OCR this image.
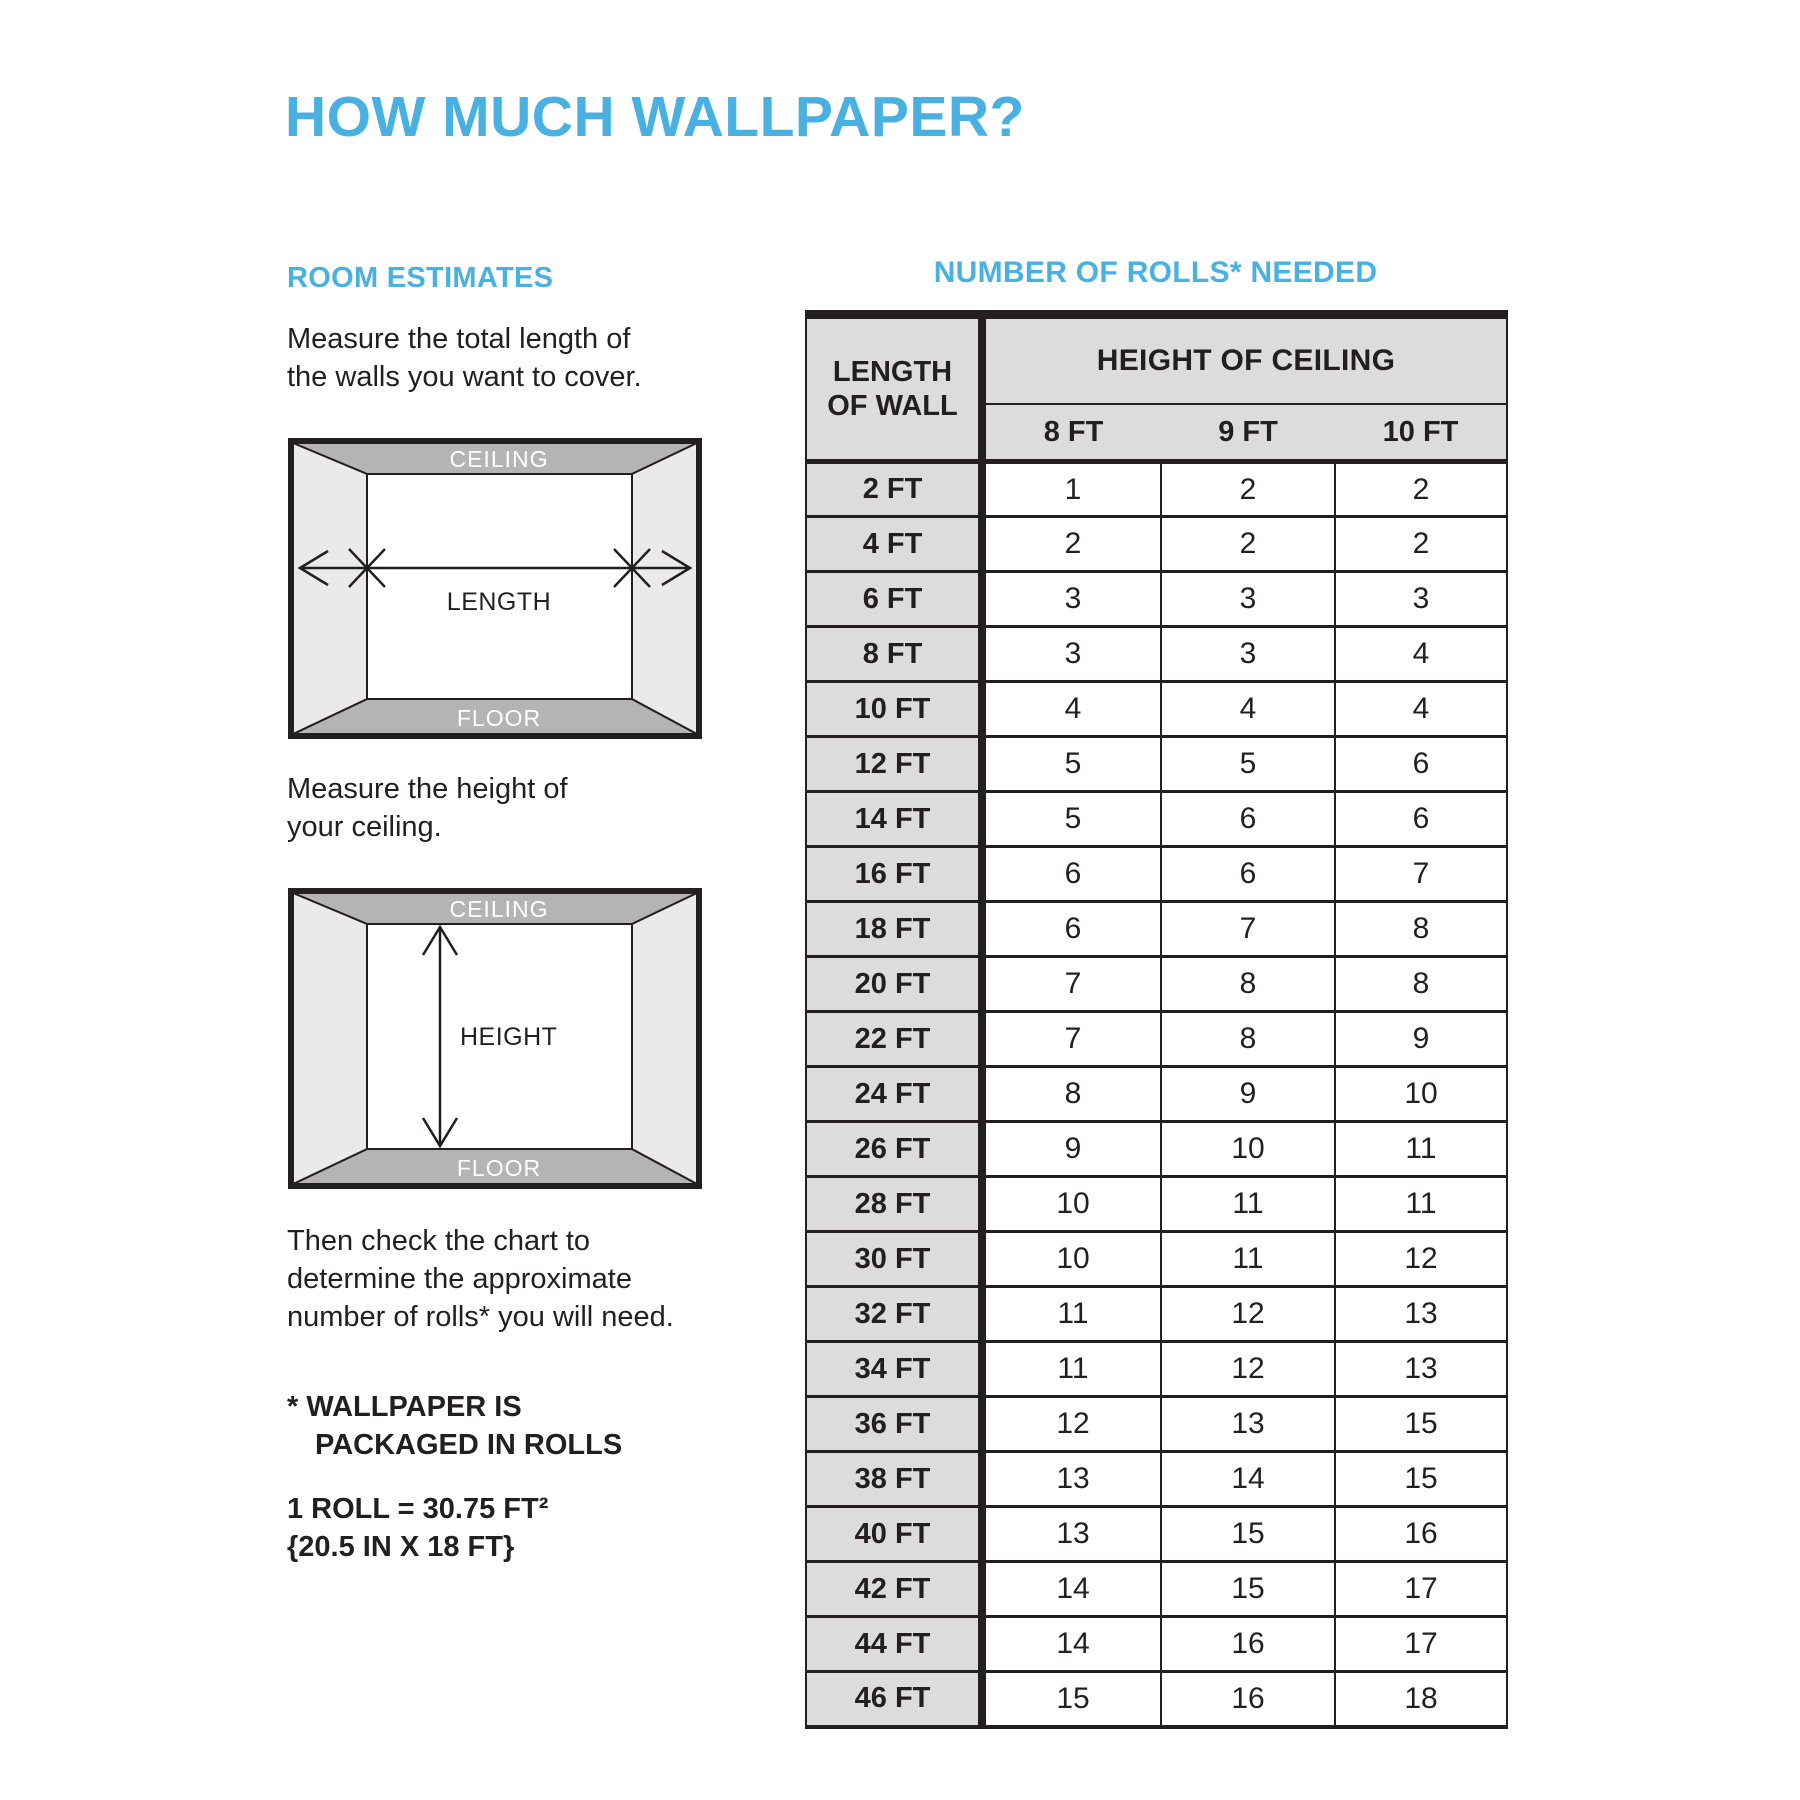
HOW MUCH WALLPAPER?
ROOM ESTIMATES
Measure the total length of
the walls you want to cover.
CEILING
FLOOR
LENGTH
Measure the height of
your ceiling.
CEILING
FLOOR
HEIGHT
Then check the chart to
determine the approximate
number of rolls* you will need.
* WALLPAPER IS
PACKAGED IN ROLLS
1 ROLL = 30.75 FT²
{20.5 IN X 18 FT}
NUMBER OF ROLLS* NEEDED
LENGTH
OF WALL	HEIGHT OF CEILING		
	8 FT	9 FT	10 FT
2 FT	1	2	2
4 FT	2	2	2
6 FT	3	3	3
8 FT	3	3	4
10 FT	4	4	4
12 FT	5	5	6
14 FT	5	6	6
16 FT	6	6	7
18 FT	6	7	8
20 FT	7	8	8
22 FT	7	8	9
24 FT	8	9	10
26 FT	9	10	11
28 FT	10	11	11
30 FT	10	11	12
32 FT	11	12	13
34 FT	11	12	13
36 FT	12	13	15
38 FT	13	14	15
40 FT	13	15	16
42 FT	14	15	17
44 FT	14	16	17
46 FT	15	16	18
